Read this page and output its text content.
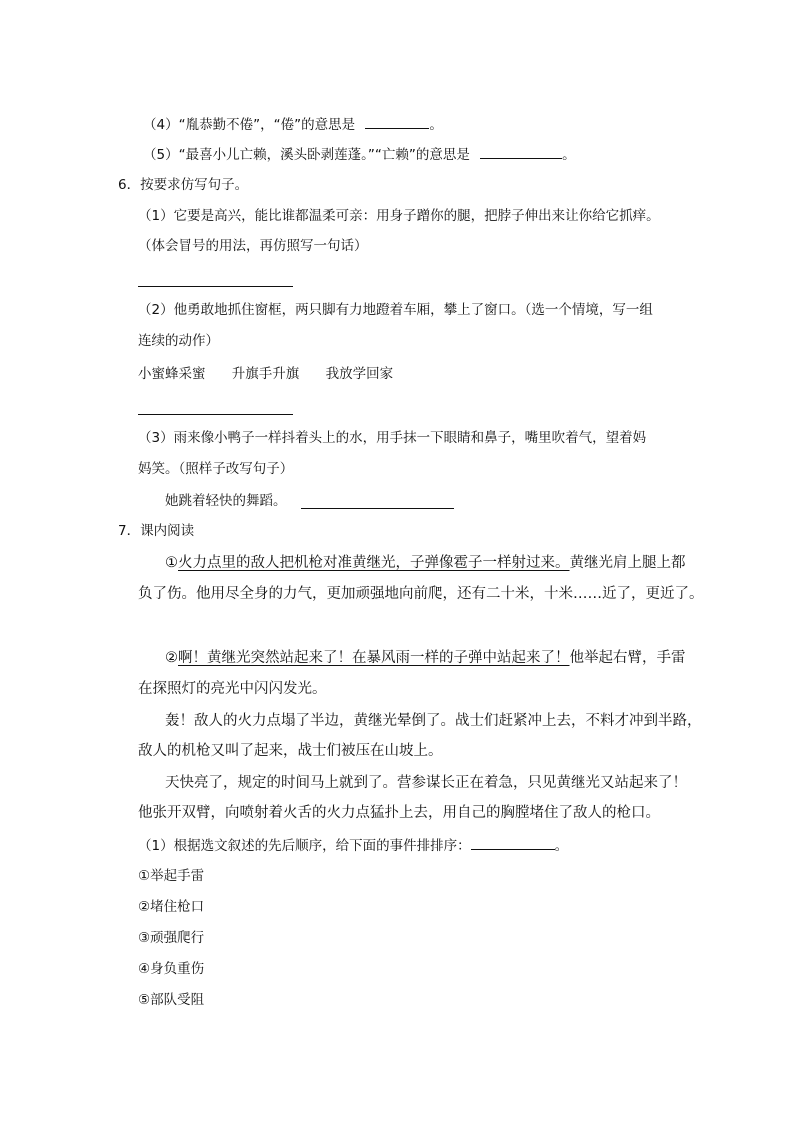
（4）“胤恭勤不倦”，“倦”的意思是	。
（5）“最喜小儿亡赖，溪头卧剥莲蓬。”“亡赖”的意思是	。
6．按要求仿写句子。
（1）它要是高兴，能比谁都温柔可亲：用身子蹭你的腿，把脖子伸出来让你给它抓痒。
（体会冒号的用法，再仿照写一句话）
（2）他勇敢地抓住窗框，两只脚有力地蹬着车厢，攀上了窗口。（选一个情境，写一组
连续的动作）
小蜜蜂采蜜 升旗手升旗 我放学回家
（3）雨来像小鸭子一样抖着头上的水，用手抹一下眼睛和鼻子，嘴里吹着气，望着妈
妈笑。（照样子改写句子）
她跳着轻快的舞蹈。
7．课内阅读
①火力点里的敌人把机枪对准黄继光，子弹像雹子一样射过来。黄继光肩上腿上都
负了伤。他用尽全身的力气，更加顽强地向前爬，还有二十米，十米……近了，更近了。
②啊！黄继光突然站起来了！在暴风雨一样的子弹中站起来了！他举起右臂，手雷
在探照灯的亮光中闪闪发光。
轰！敌人的火力点塌了半边，黄继光晕倒了。战士们赶紧冲上去，不料才冲到半路，
敌人的机枪又叫了起来，战士们被压在山坡上。
天快亮了，规定的时间马上就到了。营参谋长正在着急，只见黄继光又站起来了！
他张开双臂，向喷射着火舌的火力点猛扑上去，用自己的胸膛堵住了敌人的枪口。
（1）根据选文叙述的先后顺序，给下面的事件排排序：	。
①举起手雷
②堵住枪口
③顽强爬行
④身负重伤
⑤部队受阻
